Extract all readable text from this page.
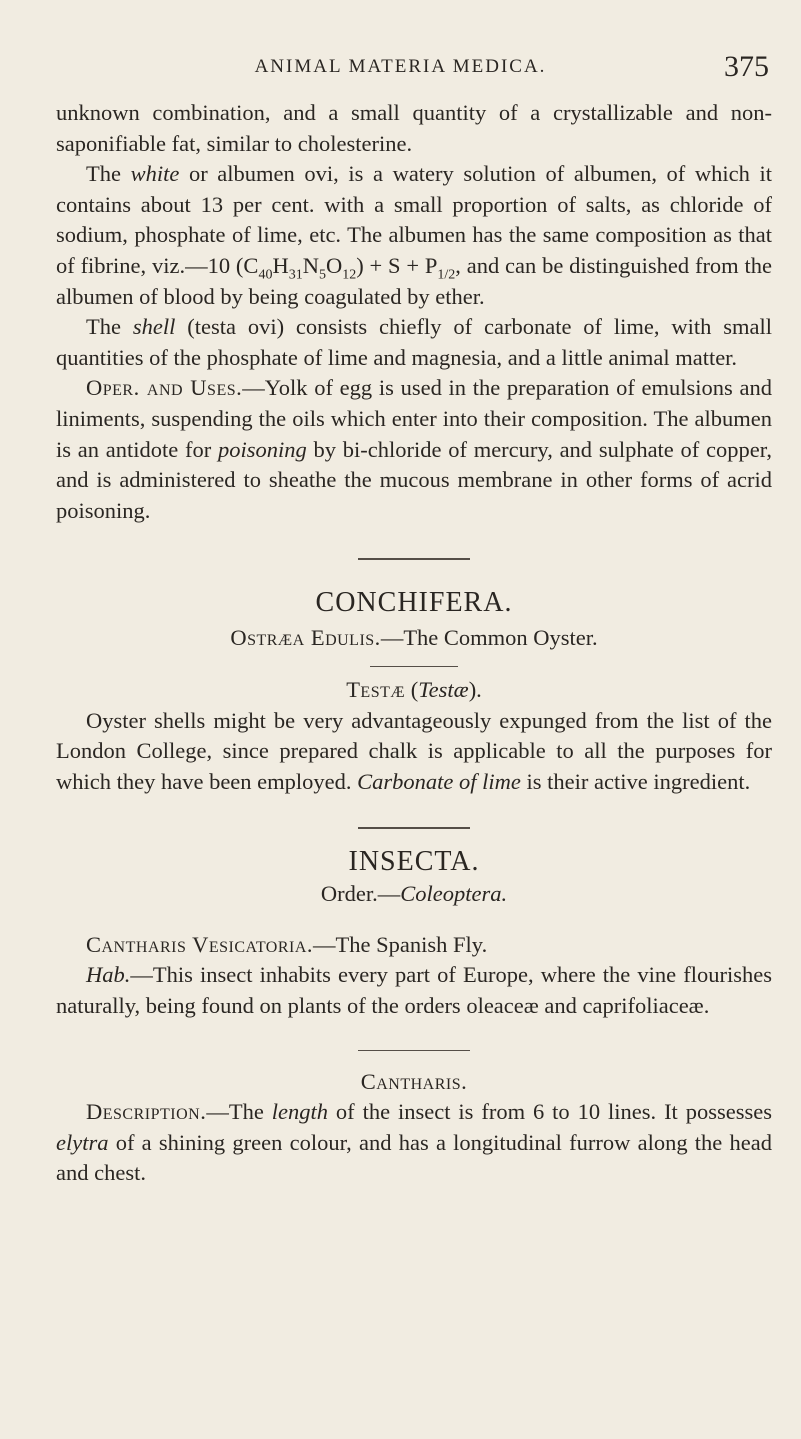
ANIMAL MATERIA MEDICA.	375

unknown combination, and a small quantity of a crystallizable and non-saponifiable fat, similar to cholesterine.

The white or albumen ovi, is a watery solution of albumen, of which it contains about 13 per cent. with a small proportion of salts, as chloride of sodium, phosphate of lime, etc. The albumen has the same composition as that of fibrine, viz.—10 $(C_{40}H_{31}N_5O_{12}) + S + P_{1/2}$, and can be distinguished from the albumen of blood by being coagulated by ether.

The shell (testa ovi) consists chiefly of carbonate of lime, with small quantities of the phosphate of lime and magnesia, and a little animal matter.

Oper. and Uses.—Yolk of egg is used in the preparation of emulsions and liniments, suspending the oils which enter into their composition. The albumen is an antidote for poisoning by bi-chloride of mercury, and sulphate of copper, and is administered to sheathe the mucous membrane in other forms of acrid poisoning.

CONCHIFERA.

Ostræa Edulis.—The Common Oyster.

Testæ (Testæ).

Oyster shells might be very advantageously expunged from the list of the London College, since prepared chalk is applicable to all the purposes for which they have been employed. Carbonate of lime is their active ingredient.

INSECTA.

Order.—Coleoptera.

Cantharis Vesicatoria.—The Spanish Fly.

Hab.—This insect inhabits every part of Europe, where the vine flourishes naturally, being found on plants of the orders oleaceæ and caprifoliaceæ.

Cantharis.

Description.—The length of the insect is from 6 to 10 lines. It possesses elytra of a shining green colour, and has a longitudinal furrow along the head and chest.
